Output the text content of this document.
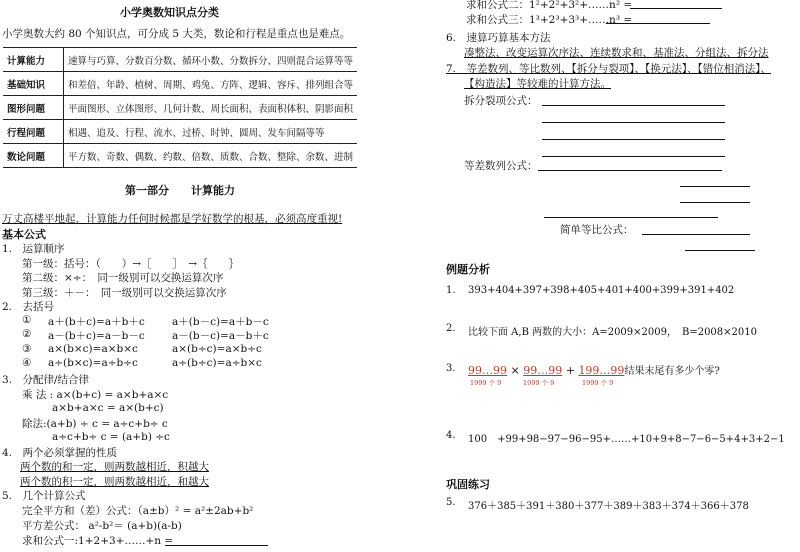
小学奥数知识点分类
小学奥数大约 80 个知识点，可分成 5 大类，数论和行程是重点也是难点。
计算能力	速算与巧算、分数百分数、循环小数、分数拆分、四则混合运算等等
基础知识	和差倍、年龄、植树、周期、鸡兔、方阵、逻辑、容斥、排列组合等
图形问题	平面图形、立体图形、几何计数、周长面积、表面积体积、阴影面积
行程问题	相遇、追及、行程、流水、过桥、时钟、圆周、发车间隔等等
数论问题	平方数、奇数、偶数、约数、倍数、质数、合数、整除、余数、进制
第一部分　　计算能力
万丈高楼平地起，计算能力任何时候都是学好数学的根基，必须高度重视!
基本公式
1.　运算顺序
第一级：括号：（　　）→［　　］　→｛　　｝
第二级：×÷：　同一级别可以交换运算次序
第三级：＋－：　同一级别可以交换运算次序
2.　去括号
① a＋(b＋c)=a＋b＋c	a＋(b－c)=a＋b－c
② a－(b＋c)=a－b－c	a－(b－c)=a－b＋c
③ a×(b×c)=a×b×c	a×(b÷c)=a×b÷c
④ a÷(b×c)=a÷b÷c	a÷(b÷c)=a÷b×c
3.　分配律/结合律
乘 法 : a×(b+c) = a×b+a×c
a×b+a×c = a×(b+c)
除法:(a+b) ÷ c = a÷c+b÷ c
a÷c+b÷ c = (a+b) ÷c
4.　两个必须掌握的性质
两个数的和一定，则两数越相近，积越大
两个数的积一定，则两数越相近，和越大
5.　几个计算公式
完全平方和（差）公式：（a±b）² = a²±2ab+b²
平方差公式： a²-b²＝ (a+b)(a-b)
求和公式一:1+2+3+……+n =
求和公式二：1²+2²+3²+……n² =
求和公式三：1³+2³+3³+……n³ =
6.　速算巧算基本方法
凑整法、改变运算次序法、连续数求和、基准法、分组法、拆分法
7.　等差数列、等比数列、【拆分与裂项】、【换元法】、【错位相消法】、
【构造法】等较难的计算方法。
拆分裂项公式：
等差数列公式：
简单等比公式：
例题分析
1. 393+404+397+398+405+401+400+399+391+402
2. 比较下面 A,B 两数的大小：A=2009×2009，　B=2008×2010
3. 99…99 × 99…99 + 199…99结果末尾有多少个零?
1999 个 9	1999 个 9	1999 个 9
4. 100　+99+98−97−96−95+……+10+9+8−7−6−5+4+3+2−1
巩固练习
5. 376＋385＋391＋380＋377＋389＋383＋374＋366＋378
